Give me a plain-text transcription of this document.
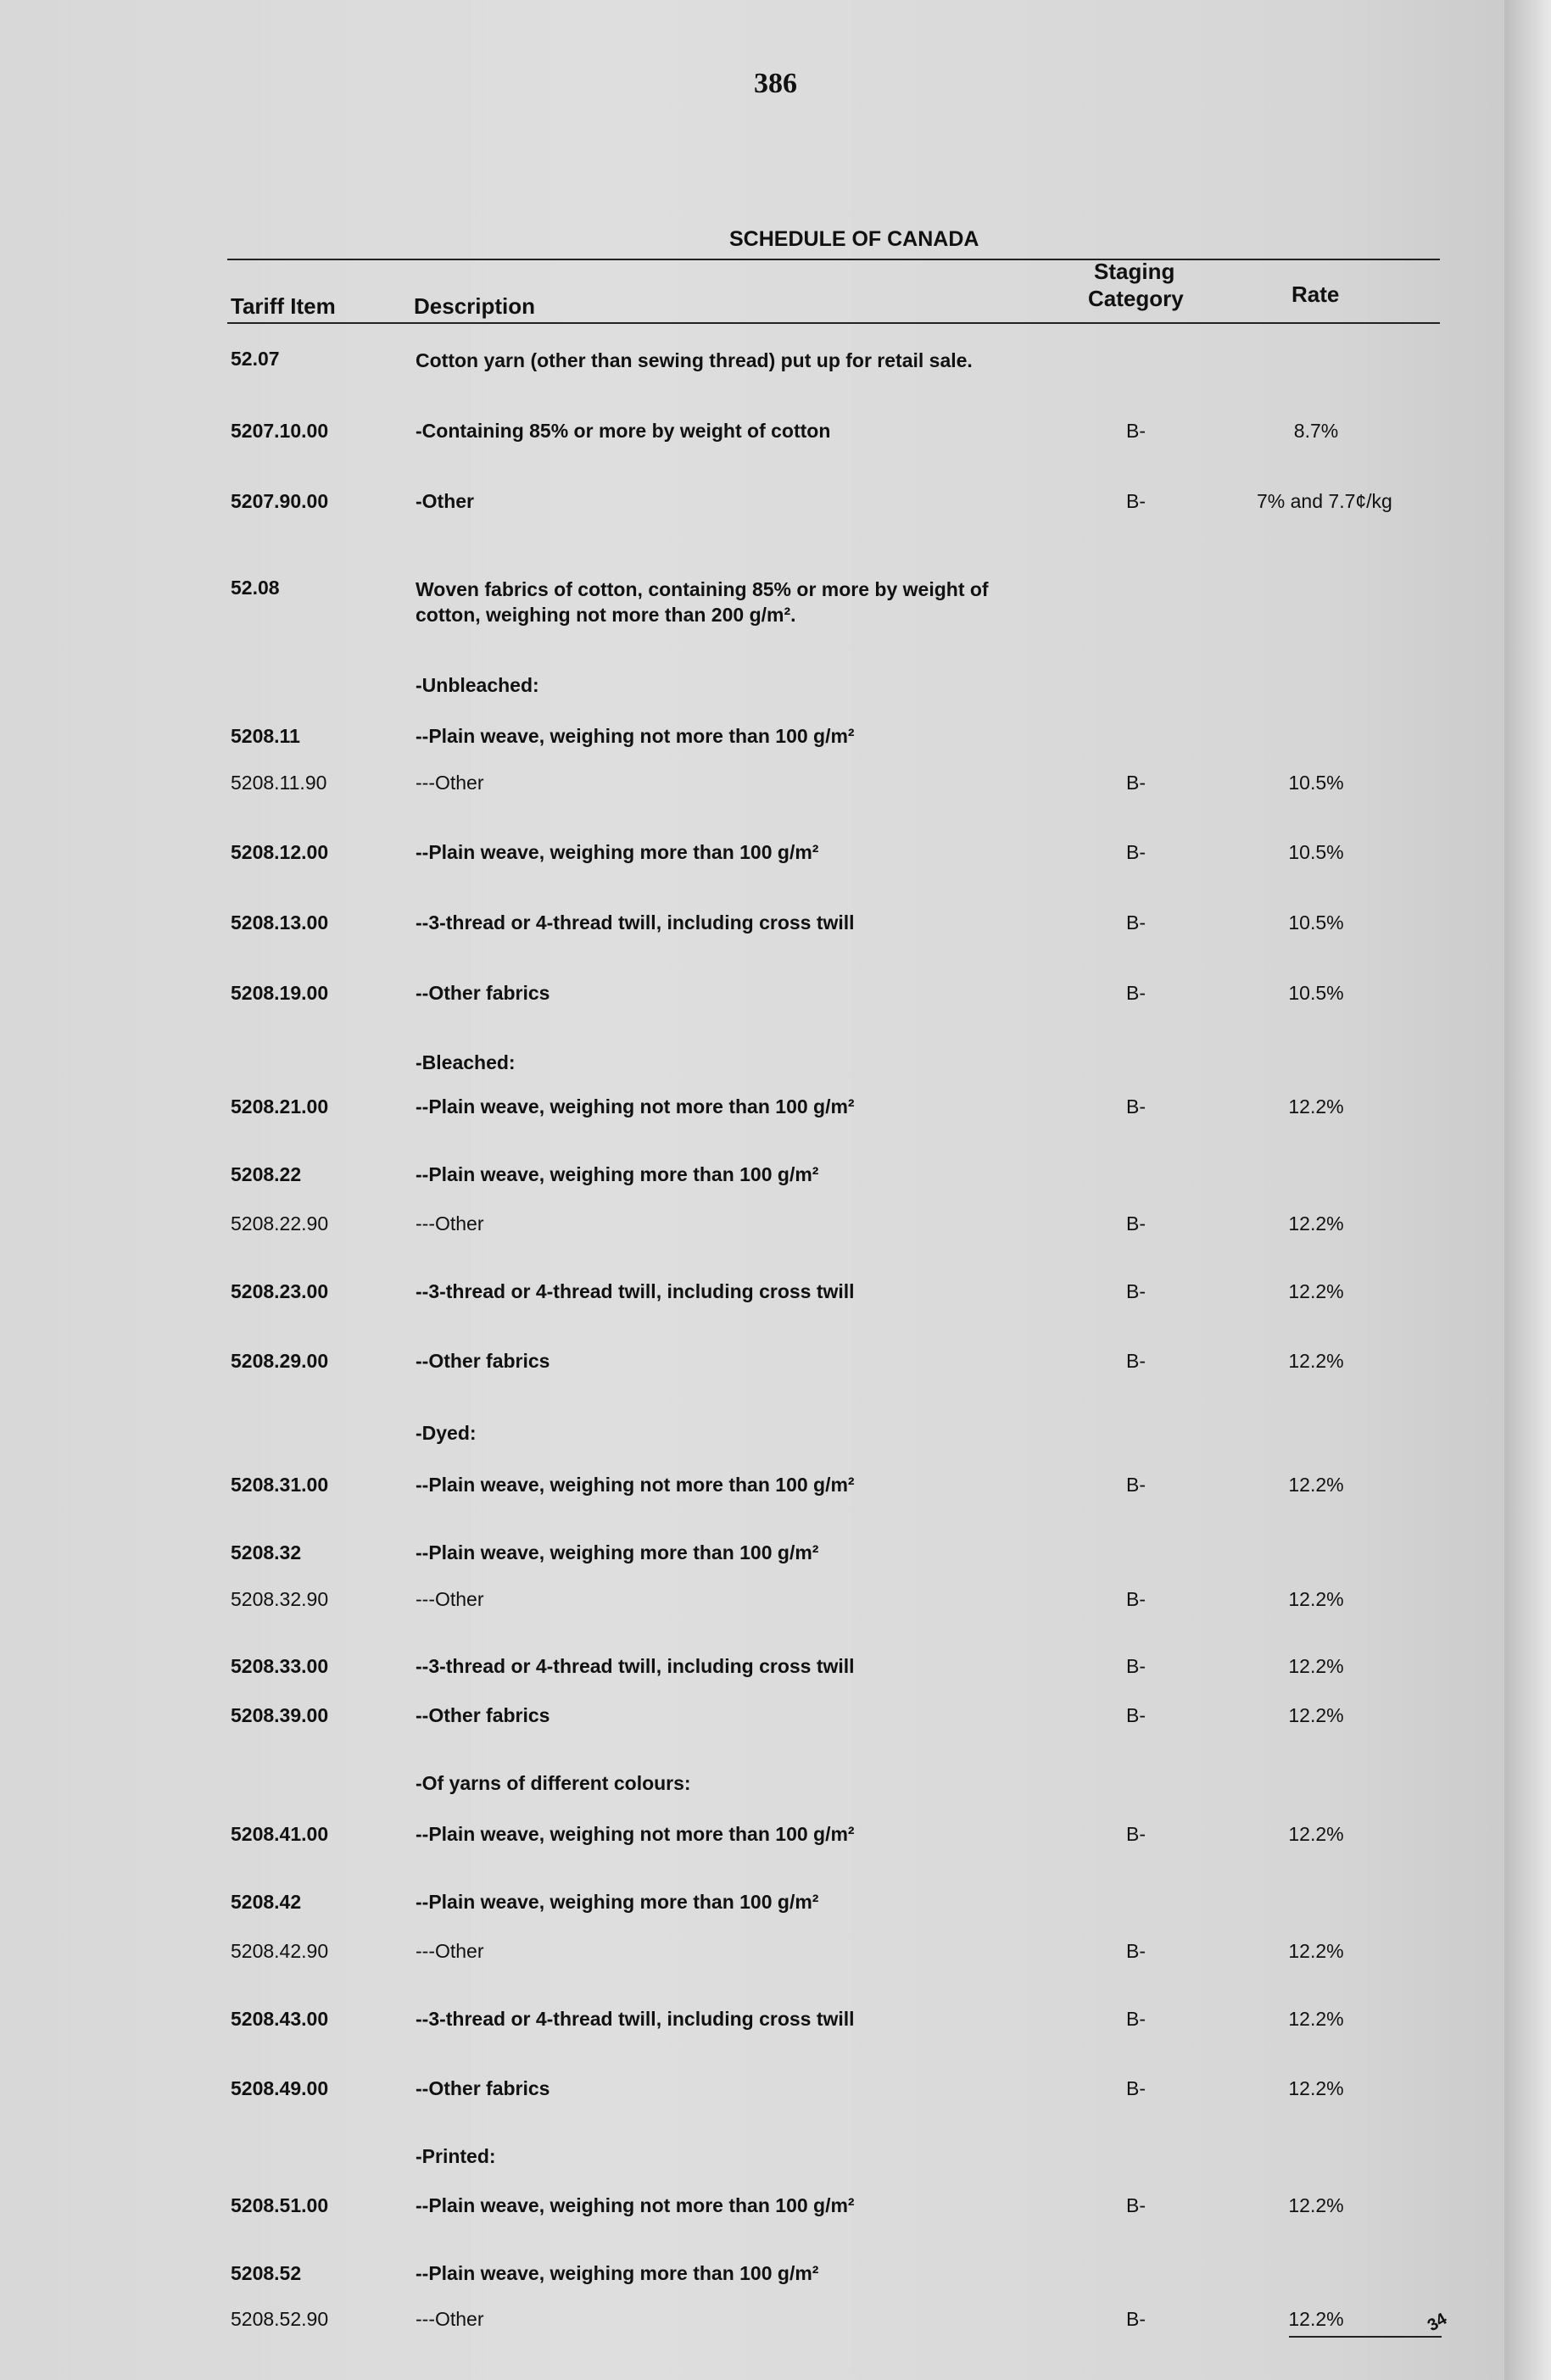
386
SCHEDULE OF CANADA
Tariff Item	Description
Staging
Category	Rate
52.07	Cotton yarn (other than sewing thread) put up for retail sale.
5207.10.00	-Containing 85% or more by weight of cotton	B-	8.7%
5207.90.00	-Other	B-	7% and 7.7¢/kg
52.08	Woven fabrics of cotton, containing 85% or more by weight of cotton, weighing not more than 200 g/m².
-Unbleached:
5208.11	--Plain weave, weighing not more than 100 g/m²
5208.11.90	---Other	B-	10.5%
5208.12.00	--Plain weave, weighing more than 100 g/m²	B-	10.5%
5208.13.00	--3-thread or 4-thread twill, including cross twill	B-	10.5%
5208.19.00	--Other fabrics	B-	10.5%
-Bleached:
5208.21.00	--Plain weave, weighing not more than 100 g/m²	B-	12.2%
5208.22	--Plain weave, weighing more than 100 g/m²
5208.22.90	---Other	B-	12.2%
5208.23.00	--3-thread or 4-thread twill, including cross twill	B-	12.2%
5208.29.00	--Other fabrics	B-	12.2%
-Dyed:
5208.31.00	--Plain weave, weighing not more than 100 g/m²	B-	12.2%
5208.32	--Plain weave, weighing more than 100 g/m²
5208.32.90	---Other	B-	12.2%
5208.33.00	--3-thread or 4-thread twill, including cross twill	B-	12.2%
5208.39.00	--Other fabrics	B-	12.2%
-Of yarns of different colours:
5208.41.00	--Plain weave, weighing not more than 100 g/m²	B-	12.2%
5208.42	--Plain weave, weighing more than 100 g/m²
5208.42.90	---Other	B-	12.2%
5208.43.00	--3-thread or 4-thread twill, including cross twill	B-	12.2%
5208.49.00	--Other fabrics	B-	12.2%
-Printed:
5208.51.00	--Plain weave, weighing not more than 100 g/m²	B-	12.2%
5208.52	--Plain weave, weighing more than 100 g/m²
5208.52.90	---Other	B-	12.2%	34
